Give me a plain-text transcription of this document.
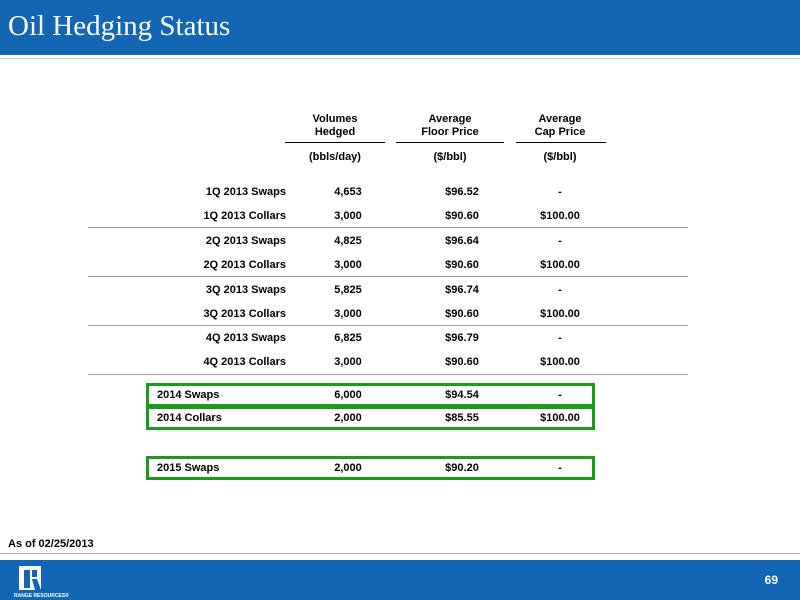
Oil Hedging Status
Volumes
Hedged
Average
Floor Price
Average
Cap Price
(bbls/day)	($/bbl)	($/bbl)
1Q 2013 Swaps	4,653	$96.52	-
1Q 2013 Collars	3,000	$90.60	$100.00
2Q 2013 Swaps	4,825	$96.64	-
2Q 2013 Collars	3,000	$90.60	$100.00
3Q 2013 Swaps	5,825	$96.74	-
3Q 2013 Collars	3,000	$90.60	$100.00
4Q 2013 Swaps	6,825	$96.79	-
4Q 2013 Collars	3,000	$90.60	$100.00
2014 Swaps	6,000	$94.54	-
2014 Collars	2,000	$85.55	$100.00
2015 Swaps	2,000	$90.20	-
As of 02/25/2013
RANGE RESOURCES®
69
